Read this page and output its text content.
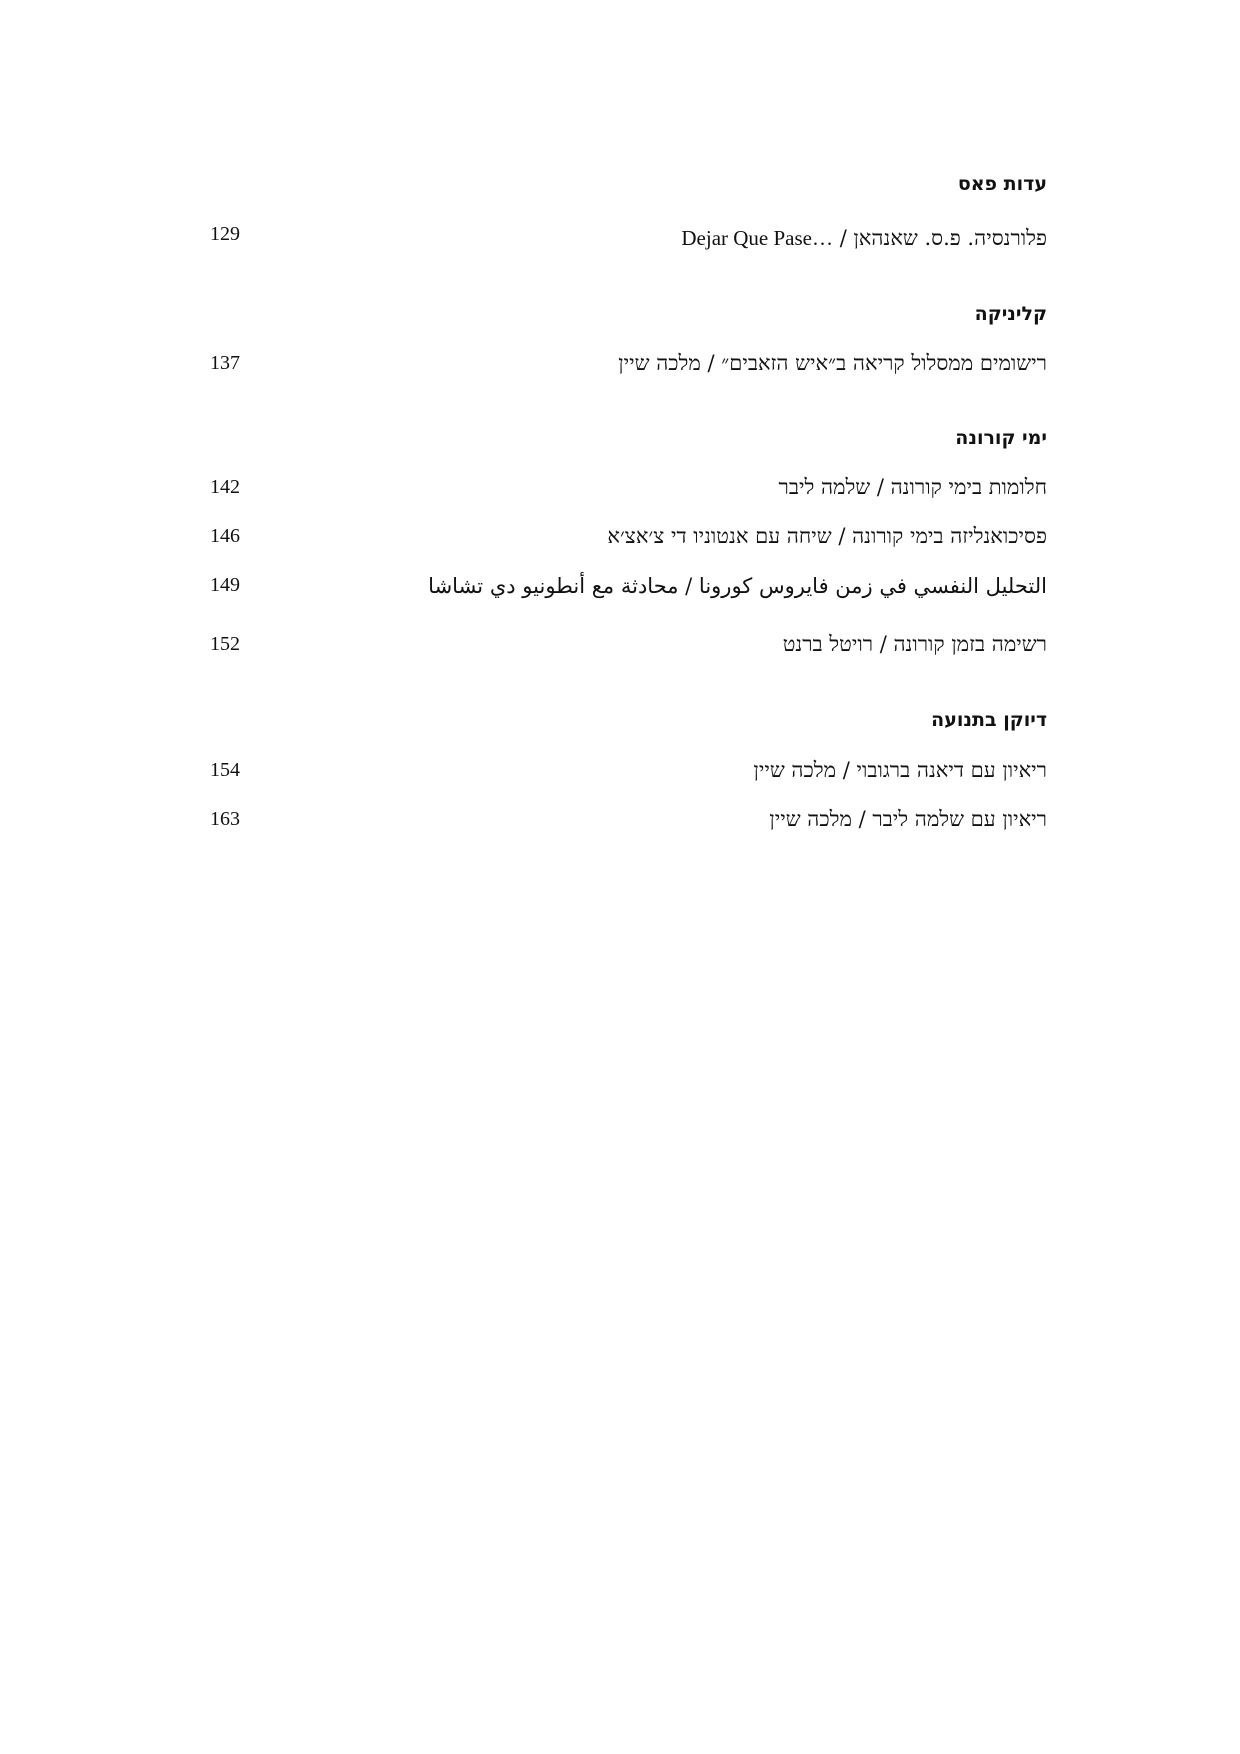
עדות פאס
פלורנסיה. פ.ס. שאנהאן / Dejar Que Pase…
129
קליניקה
רישומים ממסלול קריאה ב״איש הזאבים״ / מלכה שיין
137
ימי קורונה
חלומות בימי קורונה / שלמה ליבר
142
פסיכואנליזה בימי קורונה / שיחה עם אנטוניו די צ׳אצ׳א
146
التحليل النفسي في زمن فايروس كورونا / محادثة مع أنطونيو دي تشاشا
149
רשימה בזמן קורונה / רויטל ברנט
152
דיוקן בתנועה
ריאיון עם דיאנה ברגובוי / מלכה שיין
154
ריאיון עם שלמה ליבר / מלכה שיין
163
